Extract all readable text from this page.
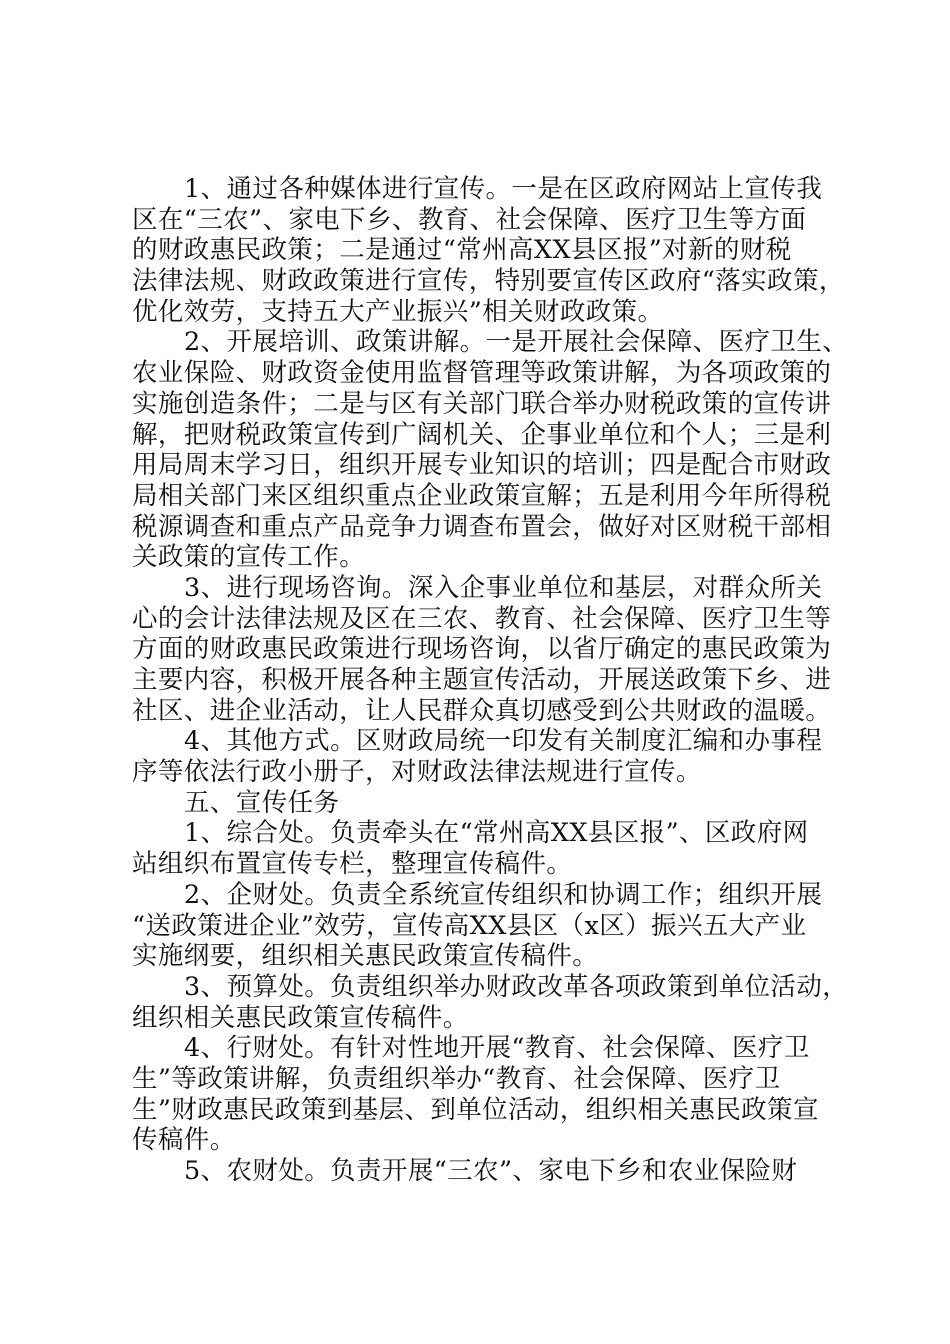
1、通过各种媒体进行宣传。一是在区政府网站上宣传我
区在“三农”、家电下乡、教育、社会保障、医疗卫生等方面
的财政惠民政策；二是通过“常州高XX县区报”对新的财税
法律法规、财政政策进行宣传，特别要宣传区政府“落实政策，
优化效劳，支持五大产业振兴”相关财政政策。
2、开展培训、政策讲解。一是开展社会保障、医疗卫生、
农业保险、财政资金使用监督管理等政策讲解，为各项政策的
实施创造条件；二是与区有关部门联合举办财税政策的宣传讲
解，把财税政策宣传到广阔机关、企事业单位和个人；三是利
用局周末学习日，组织开展专业知识的培训；四是配合市财政
局相关部门来区组织重点企业政策宣解；五是利用今年所得税
税源调查和重点产品竞争力调查布置会，做好对区财税干部相
关政策的宣传工作。
3、进行现场咨询。深入企事业单位和基层，对群众所关
心的会计法律法规及区在三农、教育、社会保障、医疗卫生等
方面的财政惠民政策进行现场咨询，以省厅确定的惠民政策为
主要内容，积极开展各种主题宣传活动，开展送政策下乡、进
社区、进企业活动，让人民群众真切感受到公共财政的温暖。
4、其他方式。区财政局统一印发有关制度汇编和办事程
序等依法行政小册子，对财政法律法规进行宣传。
五、宣传任务
1、综合处。负责牵头在“常州高XX县区报”、区政府网
站组织布置宣传专栏，整理宣传稿件。
2、企财处。负责全系统宣传组织和协调工作；组织开展
“送政策进企业”效劳，宣传高XX县区（x区）振兴五大产业
实施纲要，组织相关惠民政策宣传稿件。
3、预算处。负责组织举办财政改革各项政策到单位活动，
组织相关惠民政策宣传稿件。
4、行财处。有针对性地开展“教育、社会保障、医疗卫
生”等政策讲解，负责组织举办“教育、社会保障、医疗卫
生”财政惠民政策到基层、到单位活动，组织相关惠民政策宣
传稿件。
5、农财处。负责开展“三农”、家电下乡和农业保险财
